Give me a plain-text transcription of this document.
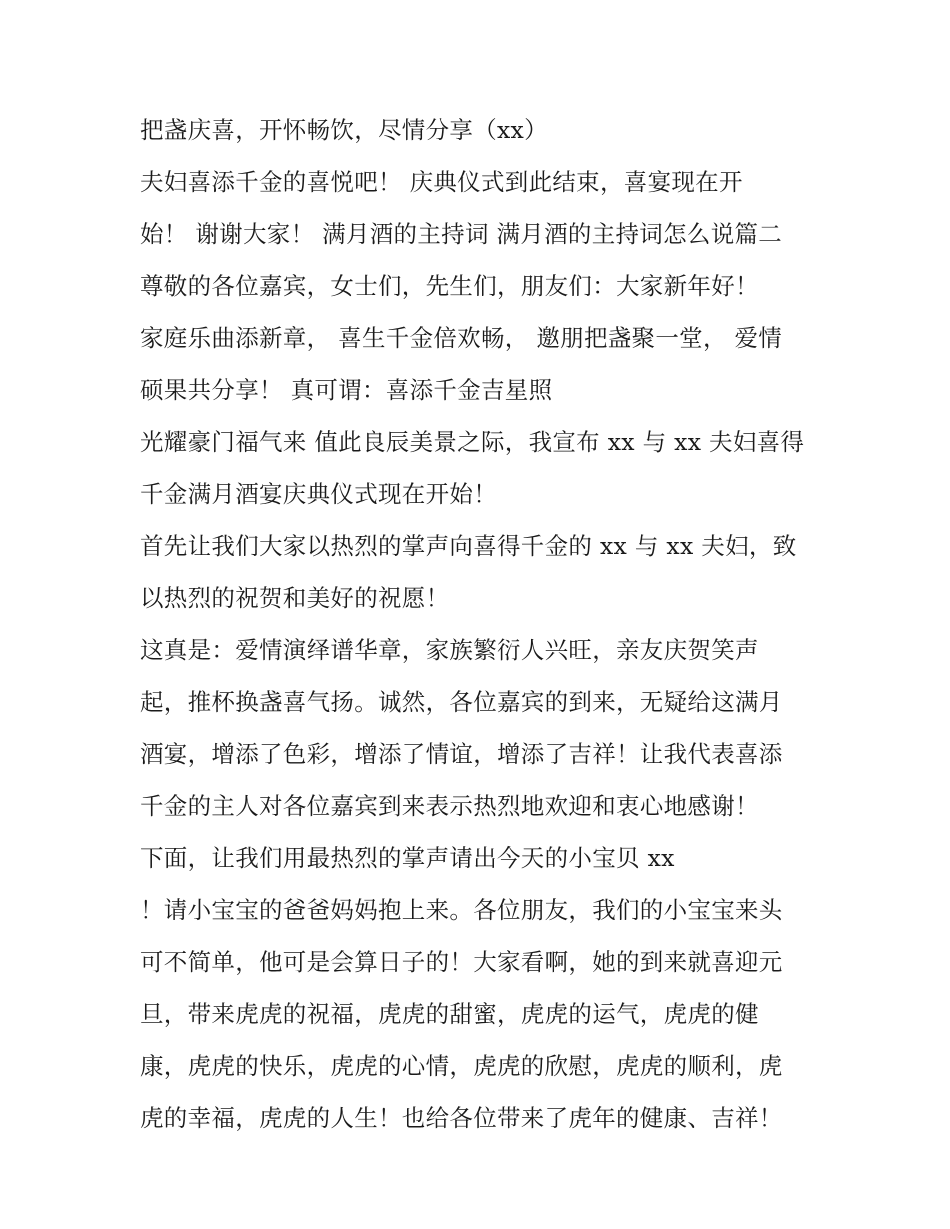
把盏庆喜，开怀畅饮，尽情分享（xx）
夫妇喜添千金的喜悦吧！ 庆典仪式到此结束，喜宴现在开
始！ 谢谢大家！ 满月酒的主持词 满月酒的主持词怎么说篇二
尊敬的各位嘉宾，女士们，先生们，朋友们：大家新年好！
家庭乐曲添新章， 喜生千金倍欢畅， 邀朋把盏聚一堂， 爱情
硕果共分享！ 真可谓：喜添千金吉星照
光耀豪门福气来 值此良辰美景之际，我宣布 xx 与 xx 夫妇喜得
千金满月酒宴庆典仪式现在开始！
首先让我们大家以热烈的掌声向喜得千金的 xx 与 xx 夫妇，致
以热烈的祝贺和美好的祝愿！
这真是：爱情演绎谱华章，家族繁衍人兴旺，亲友庆贺笑声
起，推杯换盏喜气扬。诚然，各位嘉宾的到来，无疑给这满月
酒宴，增添了色彩，增添了情谊，增添了吉祥！让我代表喜添
千金的主人对各位嘉宾到来表示热烈地欢迎和衷心地感谢！
下面，让我们用最热烈的掌声请出今天的小宝贝 xx
！请小宝宝的爸爸妈妈抱上来。各位朋友，我们的小宝宝来头
可不简单，他可是会算日子的！大家看啊，她的到来就喜迎元
旦，带来虎虎的祝福，虎虎的甜蜜，虎虎的运气，虎虎的健
康，虎虎的快乐，虎虎的心情，虎虎的欣慰，虎虎的顺利，虎
虎的幸福，虎虎的人生！也给各位带来了虎年的健康、吉祥！
